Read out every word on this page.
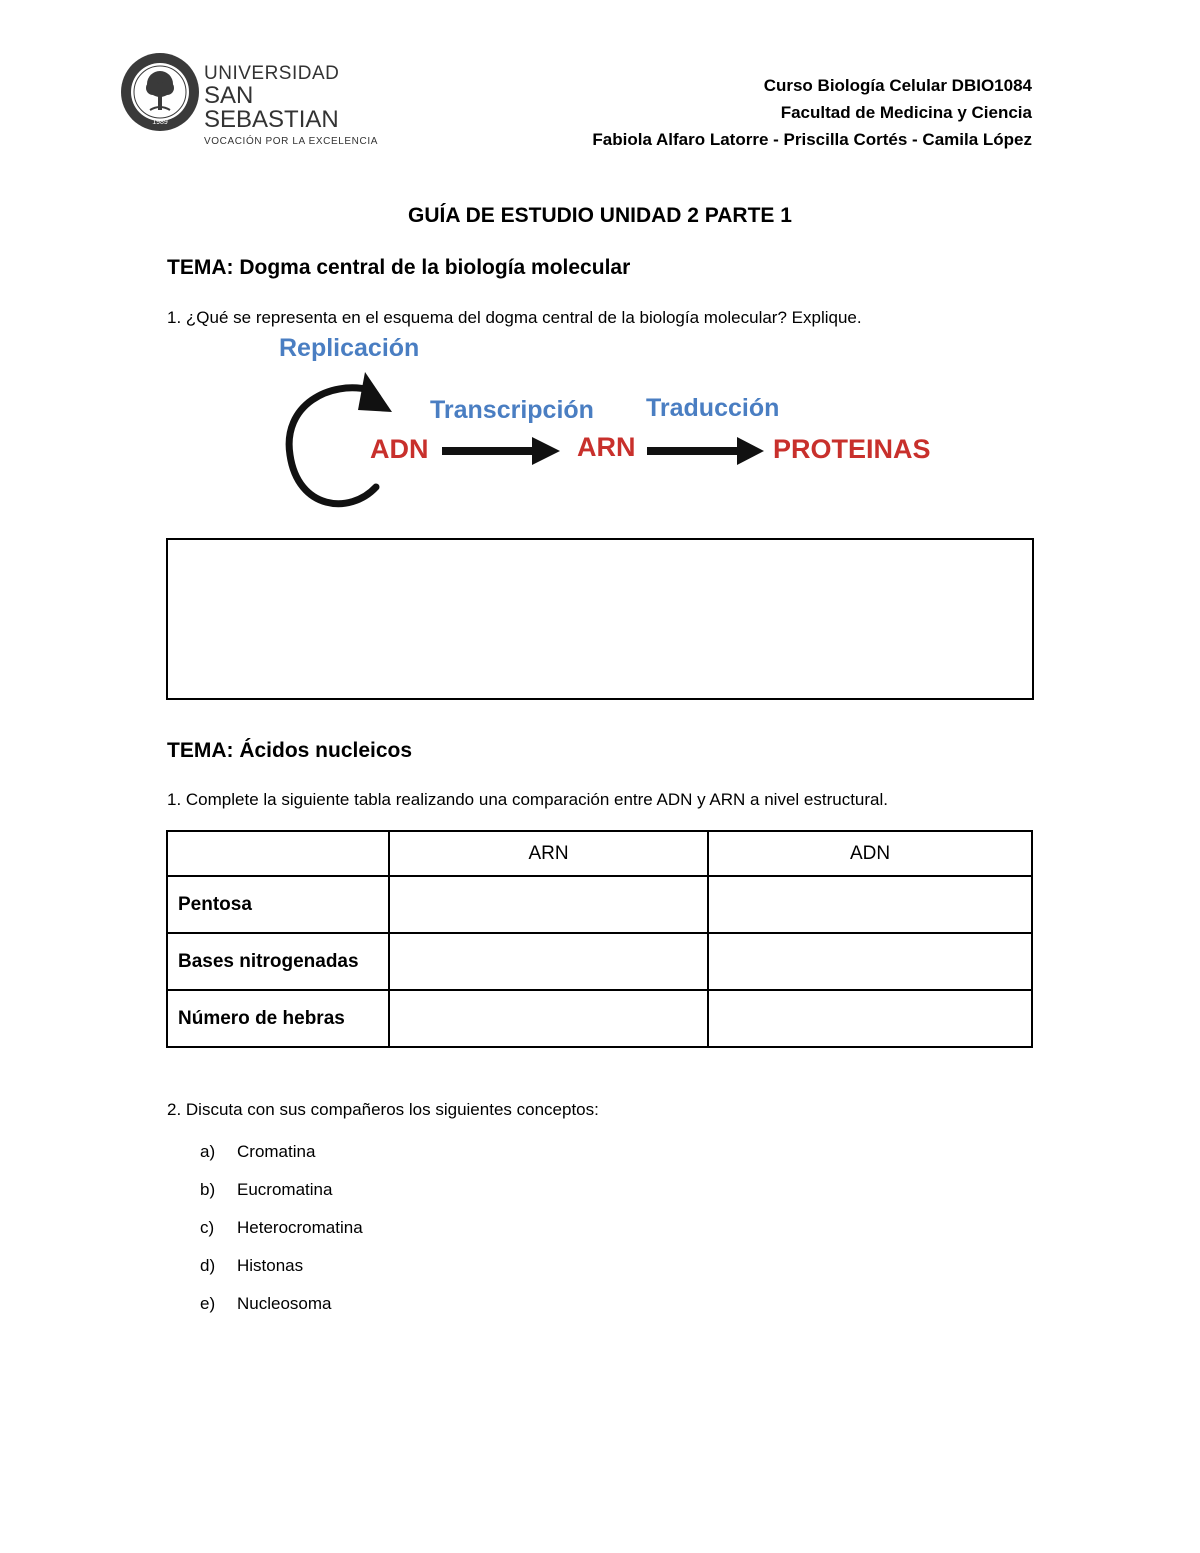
1989
UNIVERSIDAD
SAN SEBASTIAN
VOCACIÓN POR LA EXCELENCIA
Curso Biología Celular DBIO1084
Facultad de Medicina y Ciencia
Fabiola Alfaro Latorre - Priscilla Cortés - Camila López
GUÍA DE ESTUDIO UNIDAD 2 PARTE 1
TEMA: Dogma central de la biología molecular
1. ¿Qué se representa en el esquema del dogma central de la biología molecular? Explique.
Replicación
Transcripción Traducción
ADN	ARN	PROTEINAS
TEMA: Ácidos nucleicos
1. Complete la siguiente tabla realizando una comparación entre ADN y ARN a nivel estructural.
	ARN	ADN
Pentosa		
Bases nitrogenadas		
Número de hebras		
2. Discuta con sus compañeros los siguientes conceptos:
a)	Cromatina
b)	Eucromatina
c)	Heterocromatina
d)	Histonas
e)	Nucleosoma
